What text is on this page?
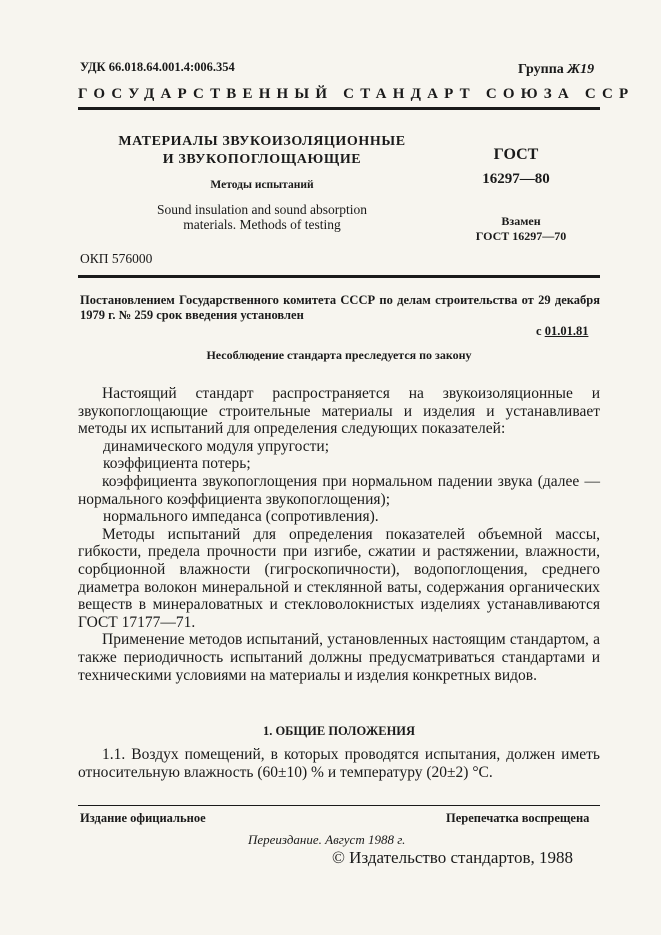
УДК 66.018.64.001.4:006.354	Группа Ж19
ГОСУДАРСТВЕННЫЙ СТАНДАРТ СОЮЗА ССР
МАТЕРИАЛЫ ЗВУКОИЗОЛЯЦИОННЫЕ
И ЗВУКОПОГЛОЩАЮЩИЕ
Методы испытаний
Sound insulation and sound absorption
materials. Methods of testing
ГОСТ
16297—80
Взамен
ГОСТ 16297—70
ОКП 576000
Постановлением Государственного комитета СССР по делам строительства от 29 декабря 1979 г. № 259 срок введения установлен
с 01.01.81
Несоблюдение стандарта преследуется по закону

Настоящий стандарт распространяется на звукоизоляционные и звукопоглощающие строительные материалы и изделия и устанавливает методы их испытаний для определения следующих показателей:

динамического модуля упругости;

коэффициента потерь;

коэффициента звукопоглощения при нормальном падении звука (далее — нормального коэффициента звукопоглощения);

нормального импеданса (сопротивления).

Методы испытаний для определения показателей объемной массы, гибкости, предела прочности при изгибе, сжатии и растяжении, влажности, сорбционной влажности (гигроскопичности), водопоглощения, среднего диаметра волокон минеральной и стеклянной ваты, содержания органических веществ в минераловатных и стекловолокнистых изделиях устанавливаются ГОСТ 17177—71.

Применение методов испытаний, установленных настоящим стандартом, а также периодичность испытаний должны предусматриваться стандартами и техническими условиями на материалы и изделия конкретных видов.

1. ОБЩИЕ ПОЛОЖЕНИЯ

1.1. Воздух помещений, в которых проводятся испытания, должен иметь относительную влажность (60±10) % и температуру (20±2) °С.

Издание официальное	Перепечатка воспрещена
Переиздание. Август 1988 г.
© Издательство стандартов, 1988
